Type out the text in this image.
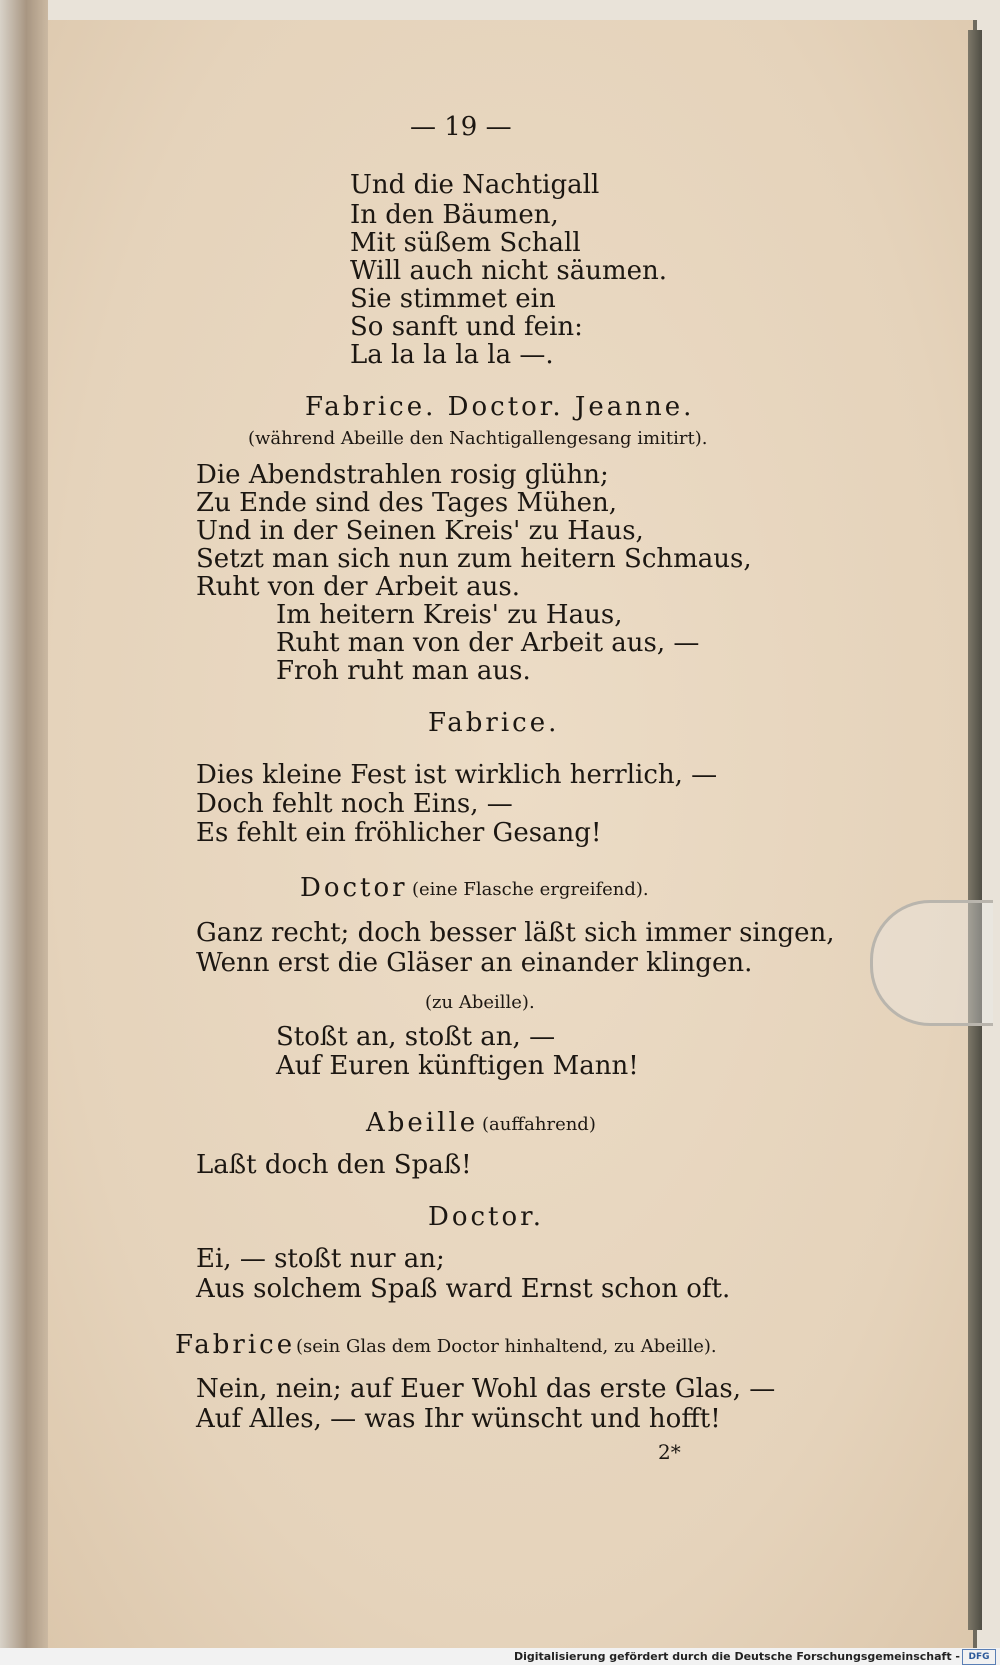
— 19 —
Und die Nachtigall
In den Bäumen,
Mit süßem Schall
Will auch nicht säumen.
Sie stimmet ein
So sanft und fein:
La la la la la —.
Fabrice. Doctor. Jeanne.
(während Abeille den Nachtigallengesang imitirt).
Die Abendstrahlen rosig glühn;
Zu Ende sind des Tages Mühen,
Und in der Seinen Kreis' zu Haus,
Setzt man sich nun zum heitern Schmaus,
Ruht von der Arbeit aus.
Im heitern Kreis' zu Haus,
Ruht man von der Arbeit aus, —
Froh ruht man aus.
Fabrice.
Dies kleine Fest ist wirklich herrlich, —
Doch fehlt noch Eins, —
Es fehlt ein fröhlicher Gesang!
Doctor (eine Flasche ergreifend).
Ganz recht; doch besser läßt sich immer singen,
Wenn erst die Gläser an einander klingen.
(zu Abeille).
Stoßt an, stoßt an, —
Auf Euren künftigen Mann!
Abeille (auffahrend)
Laßt doch den Spaß!
Doctor.
Ei, — stoßt nur an;
Aus solchem Spaß ward Ernst schon oft.
Fabrice (sein Glas dem Doctor hinhaltend, zu Abeille).
Nein, nein; auf Euer Wohl das erste Glas, —
Auf Alles, — was Ihr wünscht und hofft!
2*
Digitalisierung gefördert durch die Deutsche Forschungsgemeinschaft - DFG
